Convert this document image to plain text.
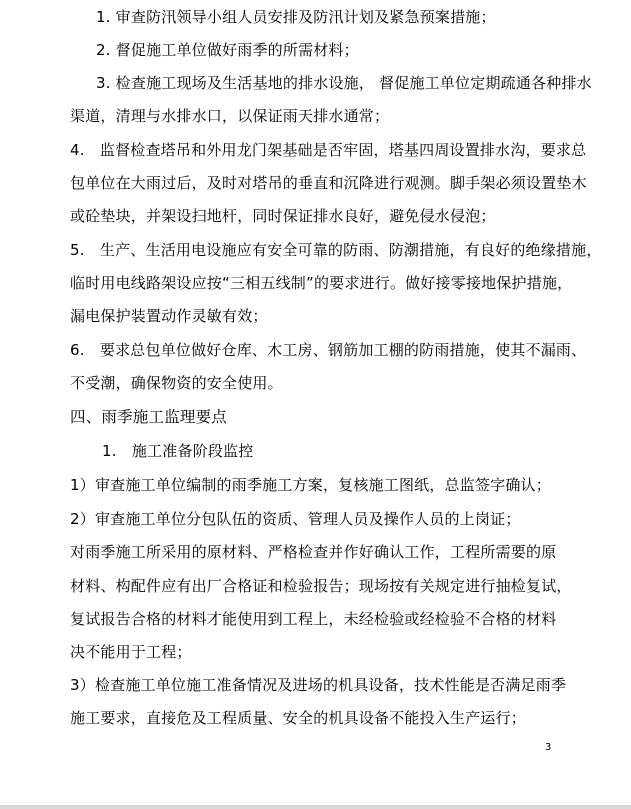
1. 审查防汛领导小组人员安排及防汛计划及紧急预案措施；
2. 督促施工单位做好雨季的所需材料；
3. 检查施工现场及生活基地的排水设施， 督促施工单位定期疏通各种排水
渠道，清理与水排水口，以保证雨天排水通常；
4.　监督检查塔吊和外用龙门架基础是否牢固，塔基四周设置排水沟，要求总
包单位在大雨过后，及时对塔吊的垂直和沉降进行观测。脚手架必须设置垫木
或砼垫块，并架设扫地杆，同时保证排水良好，避免侵水侵泡；
5.　生产、生活用电设施应有安全可靠的防雨、防潮措施，有良好的绝缘措施，
临时用电线路架设应按“三相五线制”的要求进行。做好接零接地保护措施，
漏电保护装置动作灵敏有效；
6.　要求总包单位做好仓库、木工房、钢筋加工棚的防雨措施，使其不漏雨、
不受潮，确保物资的安全使用。
四、雨季施工监理要点
1.　施工准备阶段监控
1）审查施工单位编制的雨季施工方案，复核施工图纸，总监签字确认；
2）审查施工单位分包队伍的资质、管理人员及操作人员的上岗证；
对雨季施工所采用的原材料、严格检查并作好确认工作，工程所需要的原
材料、构配件应有出厂合格证和检验报告；现场按有关规定进行抽检复试，
复试报告合格的材料才能使用到工程上，未经检验或经检验不合格的材料
决不能用于工程；
3）检查施工单位施工准备情况及进场的机具设备，技术性能是否满足雨季
施工要求，直接危及工程质量、安全的机具设备不能投入生产运行；
3
